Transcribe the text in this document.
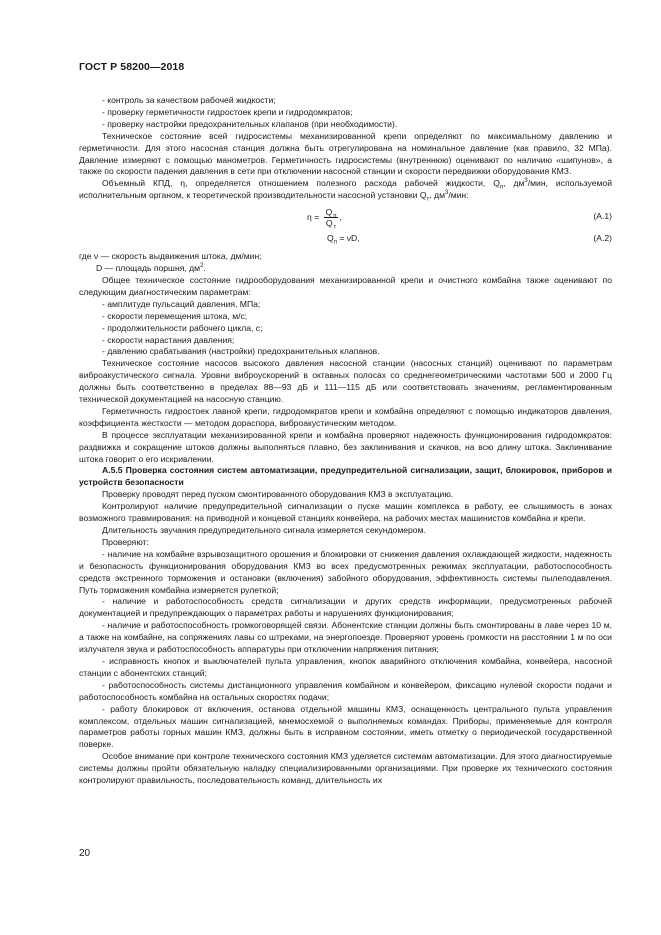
ГОСТ Р 58200—2018

- контроль за качеством рабочей жидкости;

- проверку герметичности гидростоек крепи и гидродомкратов;

- проверку настройки предохранительных клапанов (при необходимости).

Техническое состояние всей гидросистемы механизированной крепи определяют по максимальному давлению и герметичности. Для этого насосная станция должна быть отрегулирована на номинальное давление (как правило, 32 МПа). Давление измеряют с помощью манометров. Герметичность гидросистемы (внутреннюю) оценивают по наличию «шипунов», а также по скорости падения давления в сети при отключении насосной станции и скорости передвижки оборудования КМЗ.

Объемный КПД, η, определяется отношением полезного расхода рабочей жидкости, $Q_п$, $дм^3$/мин, используемой исполнительным органом, к теоретической производительности насосной установки $Q_т$, $дм^3$/мин:

$\eta = \frac{Q_п}{Q_т}$ ,	(А.1)
$Q_п = \nu D$,	(А.2)

где ν — скорость выдвижения штока, дм/мин;

D — площадь поршня, $дм^2$.

Общее техническое состояние гидрооборудования механизированной крепи и очистного комбайна также оценивают по следующим диагностическим параметрам:

- амплитуде пульсаций давления, МПа;

- скорости перемещения штока, м/с;

- продолжительности рабочего цикла, с;

- скорости нарастания давления;

- давлению срабатывания (настройки) предохранительных клапанов.

Техническое состояние насосов высокого давления насосной станции (насосных станций) оценивают по параметрам виброакустического сигнала. Уровни виброускорений в октавных полосах со среднегеометрическими частотами 500 и 2000 Гц должны быть соответственно в пределах 88—93 дБ и 111—115 дБ или соответствовать значениям, регламентированным технической документацией на насосную станцию.

Герметичность гидростоек лавной крепи, гидродомкратов крепи и комбайна определяют с помощью индикаторов давления, коэффициента жесткости — методом дораспора, виброакустическим методом.

В процессе эксплуатации механизированной крепи и комбайна проверяют надежность функционирования гидродомкратов: раздвижка и сокращение штоков должны выполняться плавно, без заклинивания и скачков, на всю длину штока. Заклинивание штока говорит о его искривлении.

А.5.5 Проверка состояния систем автоматизации, предупредительной сигнализации, защит, блокировок, приборов и устройств безопасности

Проверку проводят перед пуском смонтированного оборудования КМЗ в эксплуатацию.

Контролируют наличие предупредительной сигнализации о пуске машин комплекса в работу, ее слышимость в зонах возможного травмирования: на приводной и концевой станциях конвейера, на рабочих местах машинистов комбайна и крепи.

Длительность звучания предупредительного сигнала измеряется секундомером.

Проверяют:

- наличие на комбайне взрывозащитного орошения и блокировки от снижения давления охлаждающей жидкости, надежность и безопасность функционирования оборудования КМЗ во всех предусмотренных режимах эксплуатации, работоспособность средств экстренного торможения и остановки (включения) забойного оборудования, эффективность системы пылеподавления. Путь торможения комбайна измеряется рулеткой;

- наличие и работоспособность средств сигнализации и других средств информации, предусмотренных рабочей документацией и предупреждающих о параметрах работы и нарушениях функционирования;

- наличие и работоспособность громкоговорящей связи. Абонентские станции должны быть смонтированы в лаве через 10 м, а также на комбайне, на сопряжениях лавы со штреками, на энергопоезде. Проверяют уровень громкости на расстоянии 1 м по оси излучателя звука и работоспособность аппаратуры при отключении напряжения питания;

- исправность кнопок и выключателей пульта управления, кнопок аварийного отключения комбайна, конвейера, насосной станции с абонентских станций;

- работоспособность системы дистанционного управления комбайном и конвейером, фиксацию нулевой скорости подачи и работоспособность комбайна на остальных скоростях подачи;

- работу блокировок от включения, останова отдельной машины КМЗ, оснащенность центрального пульта управления комплексом, отдельных машин сигнализацией, мнемосхемой о выполняемых командах. Приборы, применяемые для контроля параметров работы горных машин КМЗ, должны быть в исправном состоянии, иметь отметку о периодической государственной поверке.

Особое внимание при контроле технического состояния КМЗ уделяется системам автоматизации. Для этого диагностируемые системы должны пройти обязательную наладку специализированными организациями. При проверке их технического состояния контролируют правильность, последовательность команд, длительность их

20
